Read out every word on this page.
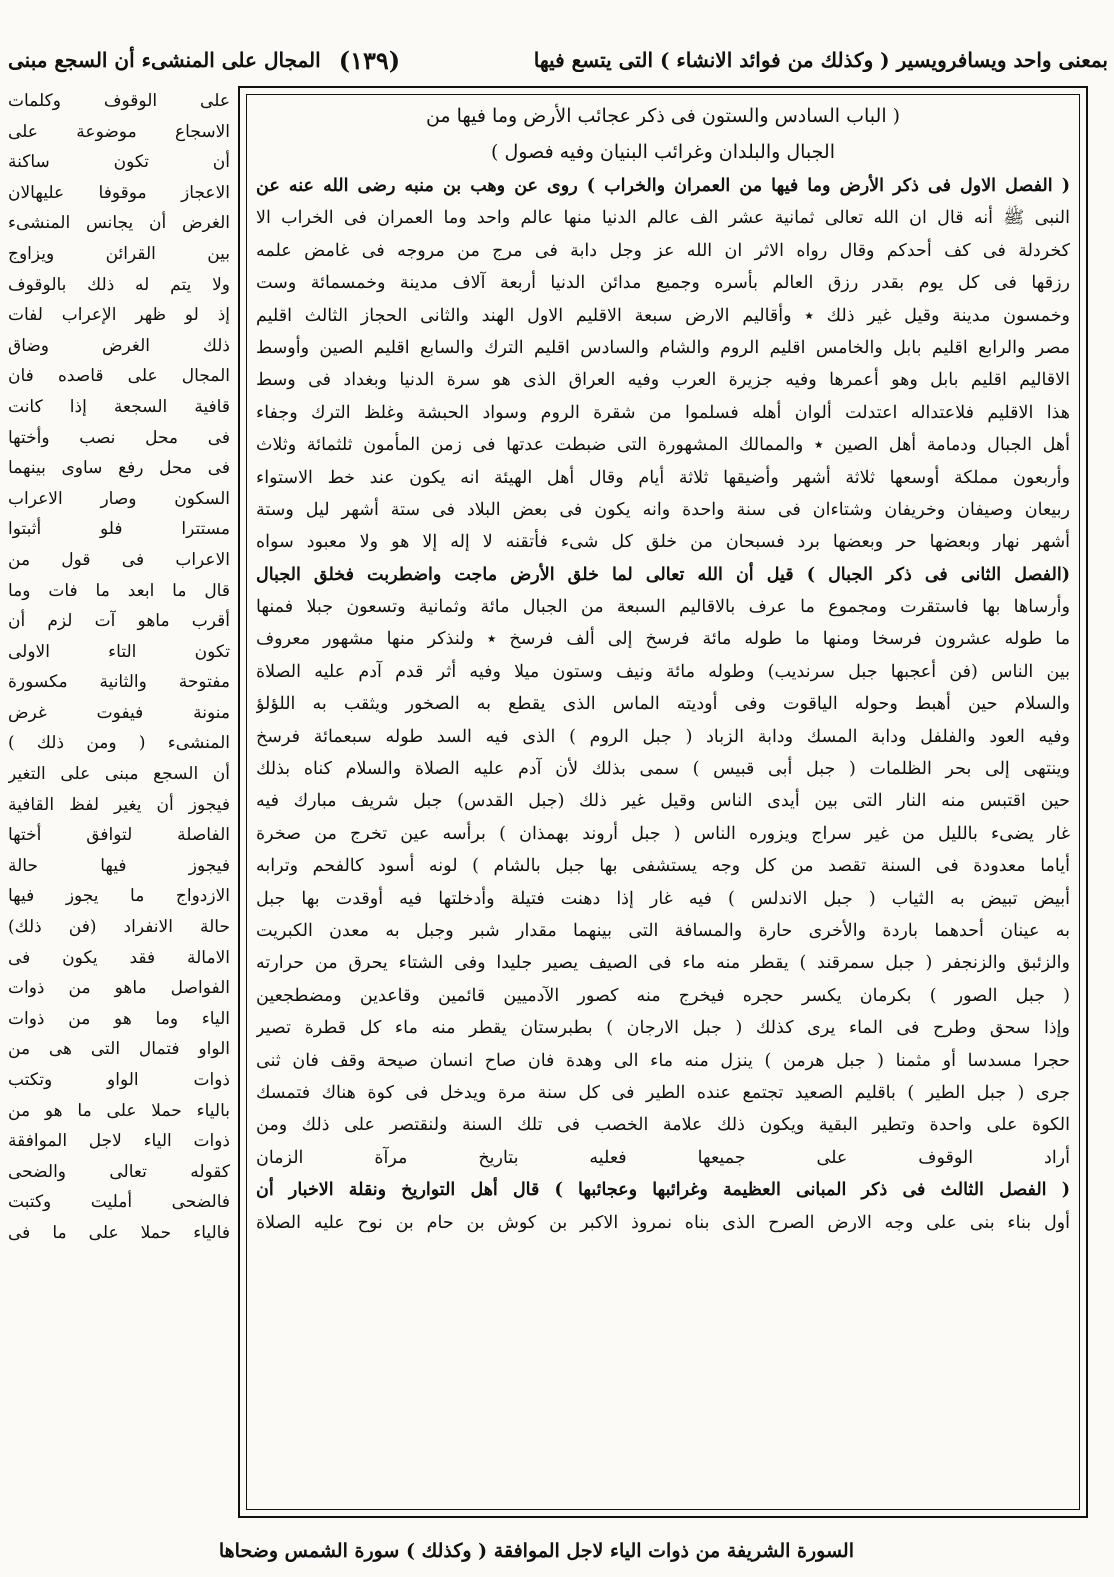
بمعنى واحد ويسافرويسير ( وكذلك من فوائد الانشاء ) التى يتسع فيها
(١٣٩)
المجال على المنشىء أن السجع مبنى
على الوقوف وكلمات
الاسجاع موضوعة على
أن تكون ساكنة
الاعجاز موقوفا عليهالان
الغرض أن يجانس المنشىء
بين القرائن ويزاوج
ولا يتم له ذلك بالوقوف
إذ لو ظهر الإعراب لفات
ذلك الغرض وضاق
المجال على قاصده فان
قافية السجعة إذا كانت
فى محل نصب وأختها
فى محل رفع ساوى بينهما
السكون وصار الاعراب
مستترا فلو أثبتوا
الاعراب فى قول من
قال ما ابعد ما فات وما
أقرب ماهو آت لزم أن
تكون التاء الاولى
مفتوحة والثانية مكسورة
منونة فيفوت غرض
المنشىء ( ومن ذلك )
أن السجع مبنى على التغير
فيجوز أن يغير لفظ القافية
الفاصلة لتوافق أختها
فيجوز فيها حالة
الازدواج ما يجوز فيها
حالة الانفراد (فن ذلك)
الامالة فقد يكون فى
الفواصل ماهو من ذوات
الياء وما هو من ذوات
الواو فتمال التى هى من
ذوات الواو وتكتب
بالياء حملا على ما هو من
ذوات الياء لاجل الموافقة
كقوله تعالى والضحى
فالضحى أمليت وكتبت
فالياء حملا على ما فى
( الباب السادس والستون فى ذكر عجائب الأرض وما فيها من
الجبال والبلدان وغرائب البنيان وفيه فصول )
( الفصل الاول فى ذكر الأرض وما فيها من العمران والخراب ) روى عن وهب بن منبه رضى الله عنه عن
النبى ﷺ أنه قال ان الله تعالى ثمانية عشر الف عالم الدنيا منها عالم واحد وما العمران فى الخراب الا
كخردلة فى كف أحدكم وقال رواه الاثر ان الله عز وجل دابة فى مرج من مروجه فى غامض علمه
رزقها فى كل يوم بقدر رزق العالم بأسره وجميع مدائن الدنيا أربعة آلاف مدينة وخمسمائة وست
وخمسون مدينة وقيل غير ذلك ٭ وأقاليم الارض سبعة الاقليم الاول الهند والثانى الحجاز الثالث اقليم
مصر والرابع اقليم بابل والخامس اقليم الروم والشام والسادس اقليم الترك والسابع اقليم الصين وأوسط
الاقاليم اقليم بابل وهو أعمرها وفيه جزيرة العرب وفيه العراق الذى هو سرة الدنيا وبغداد فى وسط
هذا الاقليم فلاعتداله اعتدلت ألوان أهله فسلموا من شقرة الروم وسواد الحبشة وغلظ الترك وجفاء
أهل الجبال ودمامة أهل الصين ٭ والممالك المشهورة التى ضبطت عدتها فى زمن المأمون ثلثمائة وثلاث
وأربعون مملكة أوسعها ثلاثة أشهر وأضيقها ثلاثة أيام وقال أهل الهيئة انه يكون عند خط الاستواء
ربيعان وصيفان وخريفان وشتاءان فى سنة واحدة وانه يكون فى بعض البلاد فى ستة أشهر ليل وستة
أشهر نهار وبعضها حر وبعضها برد فسبحان من خلق كل شىء فأتقنه لا إله إلا هو ولا معبود سواه
(الفصل الثانى فى ذكر الجبال ) قيل أن الله تعالى لما خلق الأرض ماجت واضطربت فخلق الجبال
وأرساها بها فاستقرت ومجموع ما عرف بالاقاليم السبعة من الجبال مائة وثمانية وتسعون جبلا فمنها
ما طوله عشرون فرسخا ومنها ما طوله مائة فرسخ إلى ألف فرسخ ٭ ولنذكر منها مشهور معروف
بين الناس (فن أعجبها جبل سرنديب) وطوله مائة ونيف وستون ميلا وفيه أثر قدم آدم عليه الصلاة
والسلام حين أهبط وحوله الياقوت وفى أوديته الماس الذى يقطع به الصخور ويثقب به اللؤلؤ
وفيه العود والفلفل ودابة المسك ودابة الزباد ( جبل الروم ) الذى فيه السد طوله سبعمائة فرسخ
وينتهى إلى بحر الظلمات ( جبل أبى قبيس ) سمى بذلك لأن آدم عليه الصلاة والسلام كناه بذلك
حين اقتبس منه النار التى بين أيدى الناس وقيل غير ذلك (جبل القدس) جبل شريف مبارك فيه
غار يضىء بالليل من غير سراج ويزوره الناس ( جبل أروند بهمذان ) برأسه عين تخرج من صخرة
أياما معدودة فى السنة تقصد من كل وجه يستشفى بها جبل بالشام ) لونه أسود كالفحم وترابه
أبيض تبيض به الثياب ( جبل الاندلس ) فيه غار إذا دهنت فتيلة وأدخلتها فيه أوقدت بها جبل
به عينان أحدهما باردة والأخرى حارة والمسافة التى بينهما مقدار شبر وجبل به معدن الكبريت
والزئبق والزنجفر ( جبل سمرقند ) يقطر منه ماء فى الصيف يصير جليدا وفى الشتاء يحرق من حرارته
( جبل الصور ) بكرمان يكسر حجره فيخرج منه كصور الآدميين قائمين وقاعدين ومضطجعين
وإذا سحق وطرح فى الماء يرى كذلك ( جبل الارجان ) بطبرستان يقطر منه ماء كل قطرة تصير
حجرا مسدسا أو مثمنا ( جبل هرمن ) ينزل منه ماء الى وهدة فان صاح انسان صيحة وقف فان ثنى
جرى ( جبل الطير ) باقليم الصعيد تجتمع عنده الطير فى كل سنة مرة ويدخل فى كوة هناك فتمسك
الكوة على واحدة وتطير البقية ويكون ذلك علامة الخصب فى تلك السنة ولنقتصر على ذلك ومن
أراد الوقوف على جميعها فعليه بتاريخ مرآة الزمان
( الفصل الثالث فى ذكر المبانى العظيمة وغرائبها وعجائبها ) قال أهل التواريخ ونقلة الاخبار أن
أول بناء بنى على وجه الارض الصرح الذى بناه نمروذ الاكبر بن كوش بن حام بن نوح عليه الصلاة
السورة الشريفة من ذوات الياء لاجل الموافقة ( وكذلك ) سورة الشمس وضحاها
